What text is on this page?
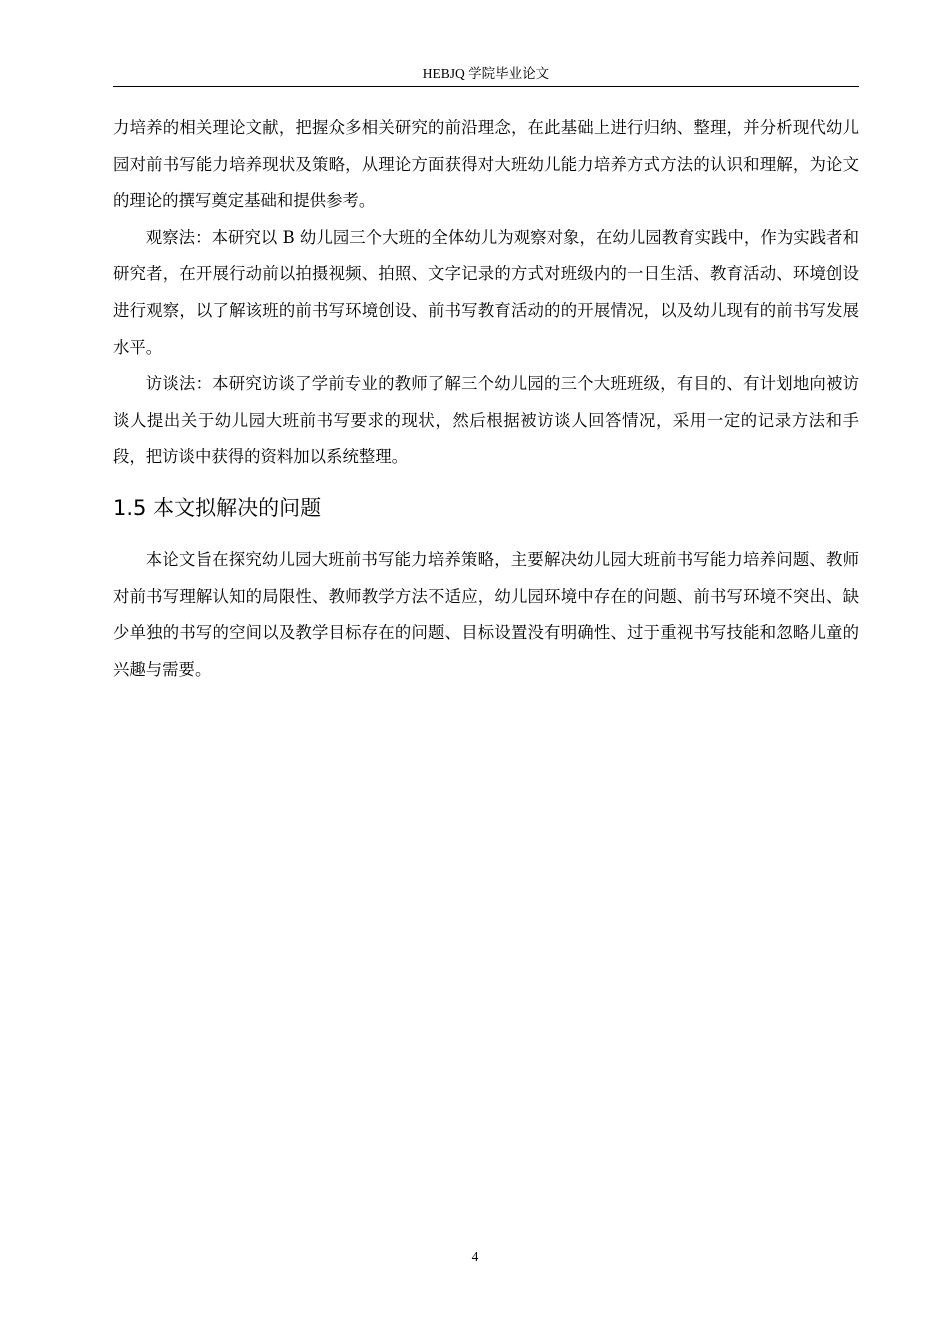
HEBJQ 学院毕业论文

力培养的相关理论文献，把握众多相关研究的前沿理念，在此基础上进行归纳、整理，并分析现代幼儿园对前书写能力培养现状及策略，从理论方面获得对大班幼儿能力培养方式方法的认识和理解，为论文的理论的撰写奠定基础和提供参考。

观察法：本研究以 B 幼儿园三个大班的全体幼儿为观察对象，在幼儿园教育实践中，作为实践者和研究者，在开展行动前以拍摄视频、拍照、文字记录的方式对班级内的一日生活、教育活动、环境创设进行观察，以了解该班的前书写环境创设、前书写教育活动的的开展情况，以及幼儿现有的前书写发展水平。

访谈法：本研究访谈了学前专业的教师了解三个幼儿园的三个大班班级，有目的、有计划地向被访谈人提出关于幼儿园大班前书写要求的现状，然后根据被访谈人回答情况，采用一定的记录方法和手段，把访谈中获得的资料加以系统整理。

1.5 本文拟解决的问题

本论文旨在探究幼儿园大班前书写能力培养策略，主要解决幼儿园大班前书写能力培养问题、教师对前书写理解认知的局限性、教师教学方法不适应，幼儿园环境中存在的问题、前书写环境不突出、缺少单独的书写的空间以及教学目标存在的问题、目标设置没有明确性、过于重视书写技能和忽略儿童的兴趣与需要。

4
